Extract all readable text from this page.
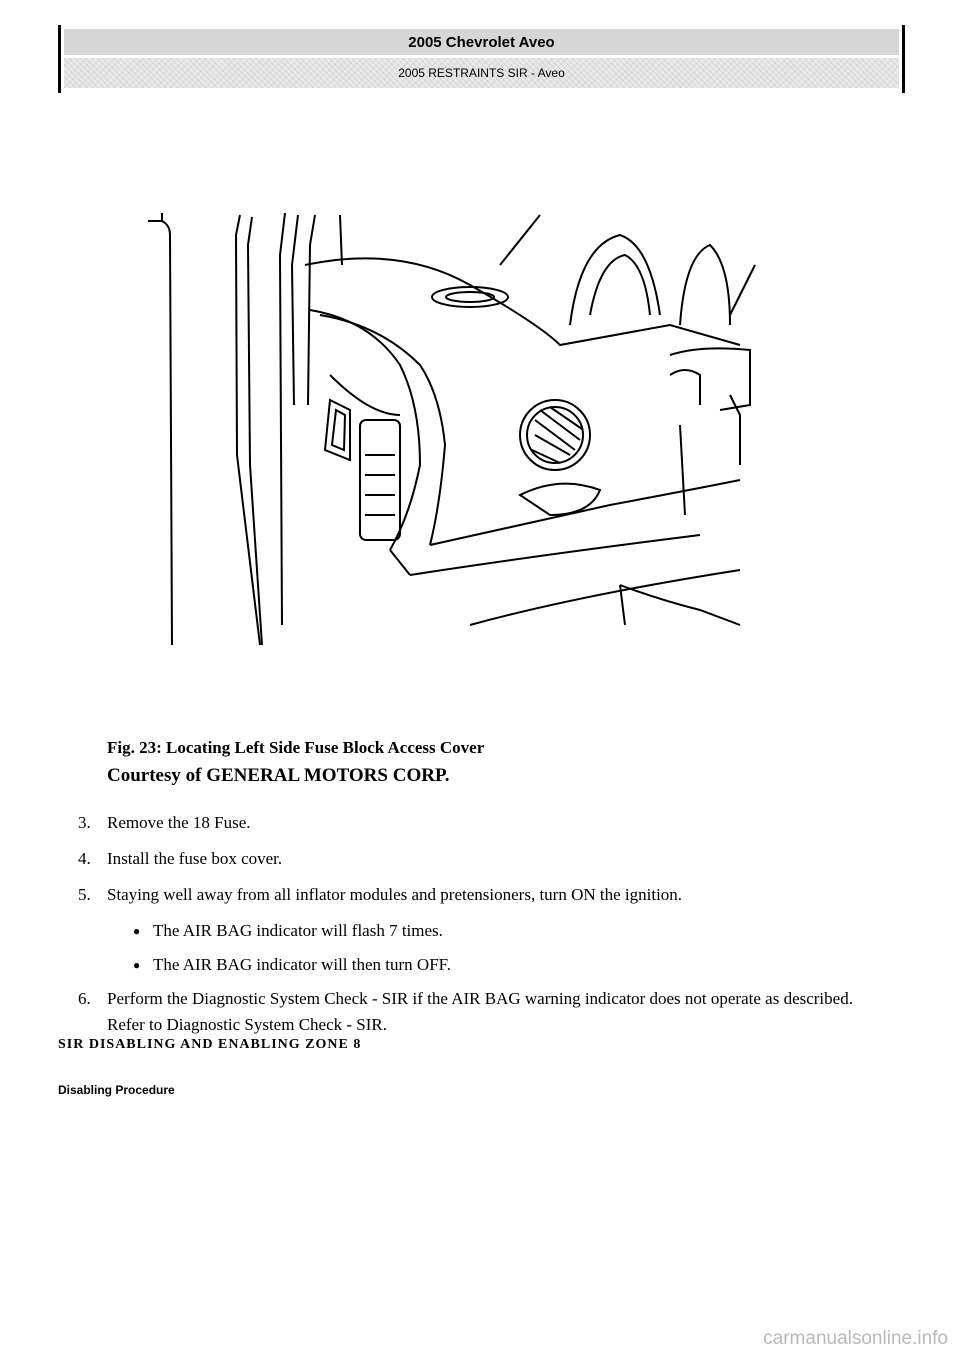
2005 Chevrolet Aveo
2005 RESTRAINTS SIR - Aveo
Fig. 23: Locating Left Side Fuse Block Access Cover
Courtesy of GENERAL MOTORS CORP.
3. Remove the 18 Fuse.
4. Install the fuse box cover.
5. Staying well away from all inflator modules and pretensioners, turn ON the ignition.
● The AIR BAG indicator will flash 7 times.
● The AIR BAG indicator will then turn OFF.
6. Perform the Diagnostic System Check - SIR if the AIR BAG warning indicator does not operate as described. Refer to Diagnostic System Check - SIR.
SIR DISABLING AND ENABLING ZONE 8
Disabling Procedure
carmanualsonline.info
